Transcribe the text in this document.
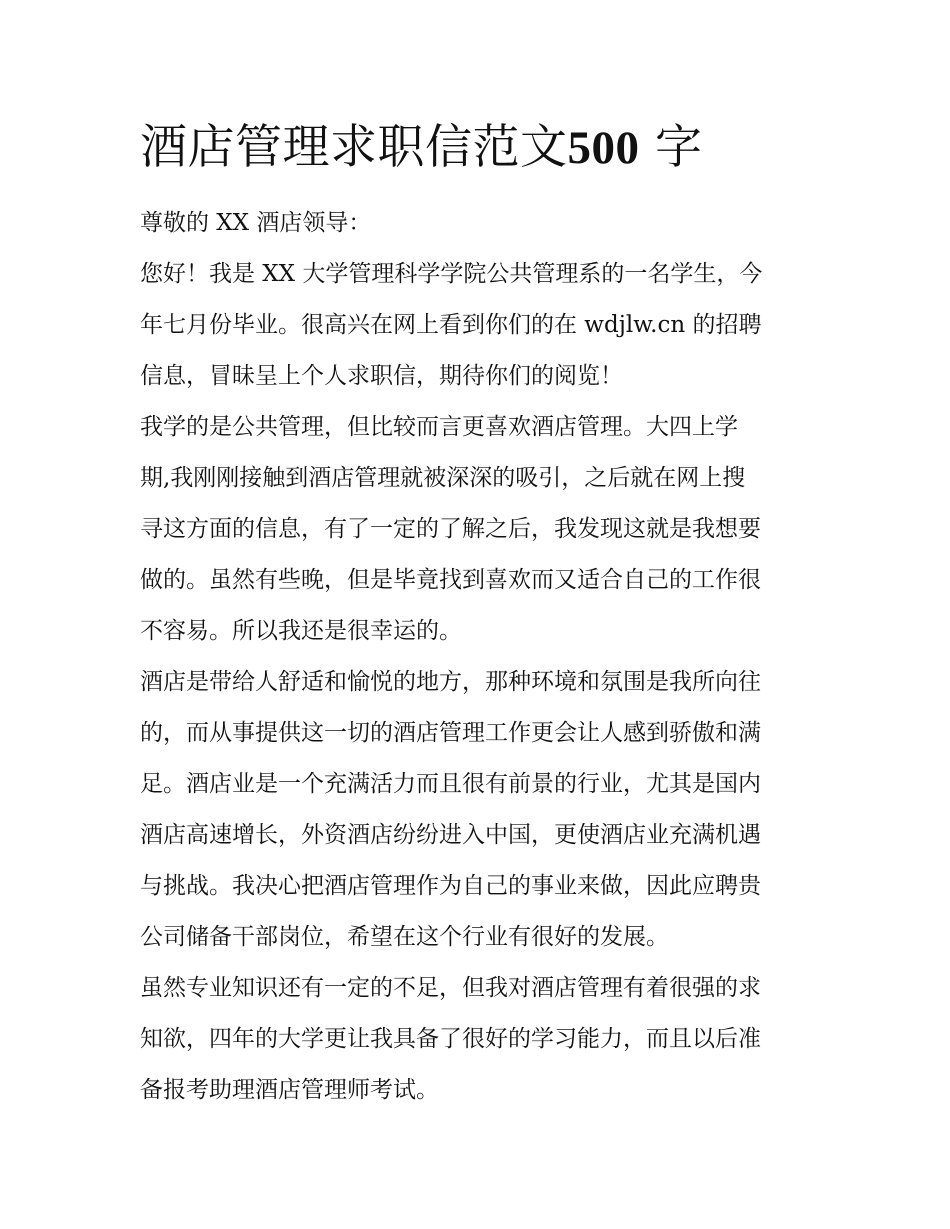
酒店管理求职信范文500 字

尊敬的 XX 酒店领导：

您好！我是 XX 大学管理科学学院公共管理系的一名学生，今
年七月份毕业。很高兴在网上看到你们的在 wdjlw.cn 的招聘
信息，冒昧呈上个人求职信，期待你们的阅览！

我学的是公共管理，但比较而言更喜欢酒店管理。大四上学
期,我刚刚接触到酒店管理就被深深的吸引，之后就在网上搜
寻这方面的信息，有了一定的了解之后，我发现这就是我想要
做的。虽然有些晚，但是毕竟找到喜欢而又适合自己的工作很
不容易。所以我还是很幸运的。

酒店是带给人舒适和愉悦的地方，那种环境和氛围是我所向往
的，而从事提供这一切的酒店管理工作更会让人感到骄傲和满
足。酒店业是一个充满活力而且很有前景的行业，尤其是国内
酒店高速增长，外资酒店纷纷进入中国，更使酒店业充满机遇
与挑战。我决心把酒店管理作为自己的事业来做，因此应聘贵
公司储备干部岗位，希望在这个行业有很好的发展。

虽然专业知识还有一定的不足，但我对酒店管理有着很强的求
知欲，四年的大学更让我具备了很好的学习能力，而且以后准
备报考助理酒店管理师考试。
